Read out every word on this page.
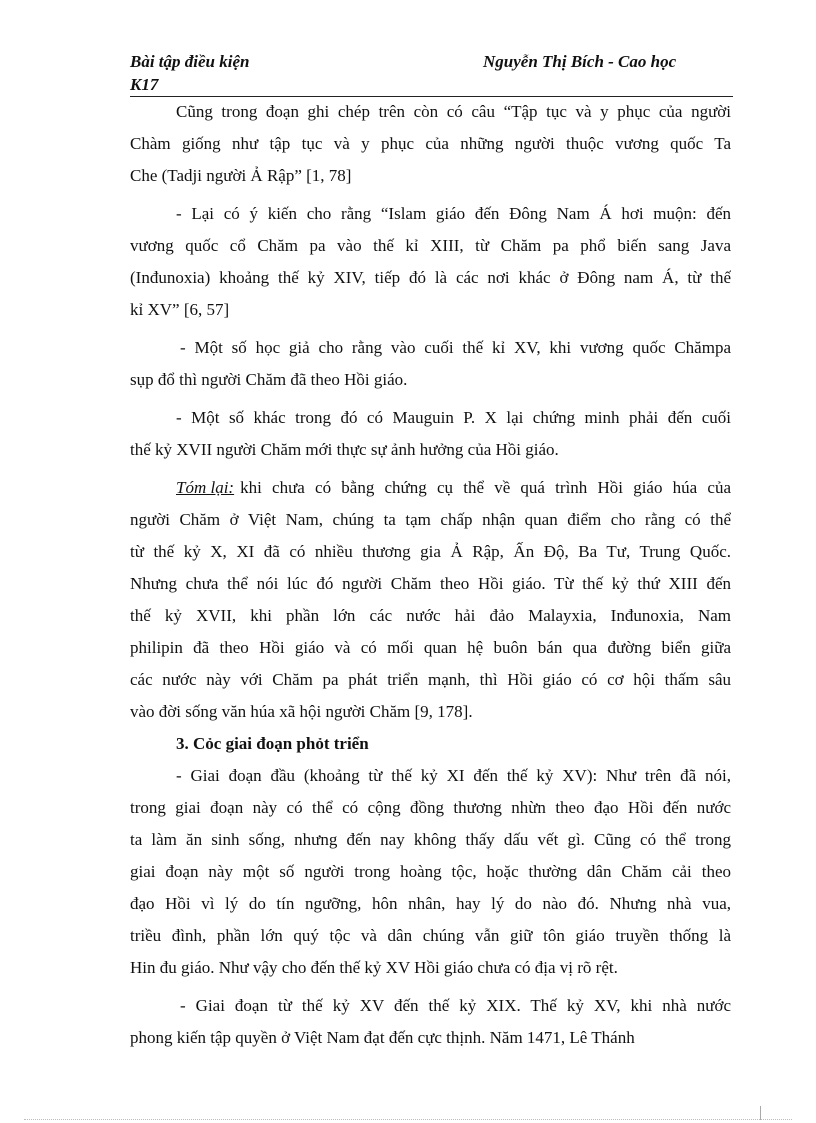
Bài tập điều kiện	Nguyễn Thị Bích - Cao học
K17
Cũng trong đoạn ghi chép trên còn có câu “Tập tục và y phục của người
Chàm giống như tập tục và y phục của những người thuộc vương quốc Ta
Che (Tadji người Ả Rập” [1, 78]
- Lại có ý kiến cho rằng “Islam giáo đến Đông Nam Á hơi muộn: đến
vương quốc cổ Chăm pa vào thế kỉ XIII, từ Chăm pa phổ biến sang Java
(Inđunoxia) khoảng thế kỷ XIV, tiếp đó là các nơi khác ở Đông nam Á, từ thế
kỉ XV” [6, 57]
- Một số học giả cho rằng vào cuối thế kỉ XV, khi vương quốc Chămpa
sụp đổ thì người Chăm đã theo Hồi giáo.
- Một số khác trong đó có Mauguin P. X lại chứng minh phải đến cuối
thế kỷ XVII người Chăm mới thực sự ảnh hưởng của Hồi giáo.
Tóm lại: khi chưa có bằng chứng cụ thể về quá trình Hồi giáo húa của
người Chăm ở Việt Nam, chúng ta tạm chấp nhận quan điểm cho rằng có thể
từ thế kỷ X, XI đã có nhiều thương gia Ả Rập, Ấn Độ, Ba Tư, Trung Quốc.
Nhưng chưa thể nói lúc đó người Chăm theo Hồi giáo. Từ thế kỷ thứ XIII đến
thế kỷ XVII, khi phần lớn các nước hải đảo Malayxia, Inđunoxia, Nam
philipin đã theo Hồi giáo và có mối quan hệ buôn bán qua đường biển giữa
các nước này với Chăm pa phát triển mạnh, thì Hồi giáo có cơ hội thấm sâu
vào đời sống văn húa xã hội người Chăm [9, 178].
3. Cỏc giai đoạn phỏt triển
- Giai đoạn đầu (khoảng từ thế kỷ XI đến thế kỷ XV): Như trên đã nói,
trong giai đoạn này có thể có cộng đồng thương nhừn theo đạo Hồi đến nước
ta làm ăn sinh sống, nhưng đến nay không thấy dấu vết gì. Cũng có thể trong
giai đoạn này một số người trong hoàng tộc, hoặc thường dân Chăm cải theo
đạo Hồi vì lý do tín ngưỡng, hôn nhân, hay lý do nào đó. Nhưng nhà vua,
triều đình, phần lớn quý tộc và dân chúng vẫn giữ tôn giáo truyền thống là
Hin đu giáo. Như vậy cho đến thế kỷ XV Hồi giáo chưa có địa vị rõ rệt.
- Giai đoạn từ thế kỷ XV đến thế kỷ XIX. Thế kỷ XV, khi nhà nước
phong kiến tập quyền ở Việt Nam đạt đến cực thịnh. Năm 1471, Lê Thánh
